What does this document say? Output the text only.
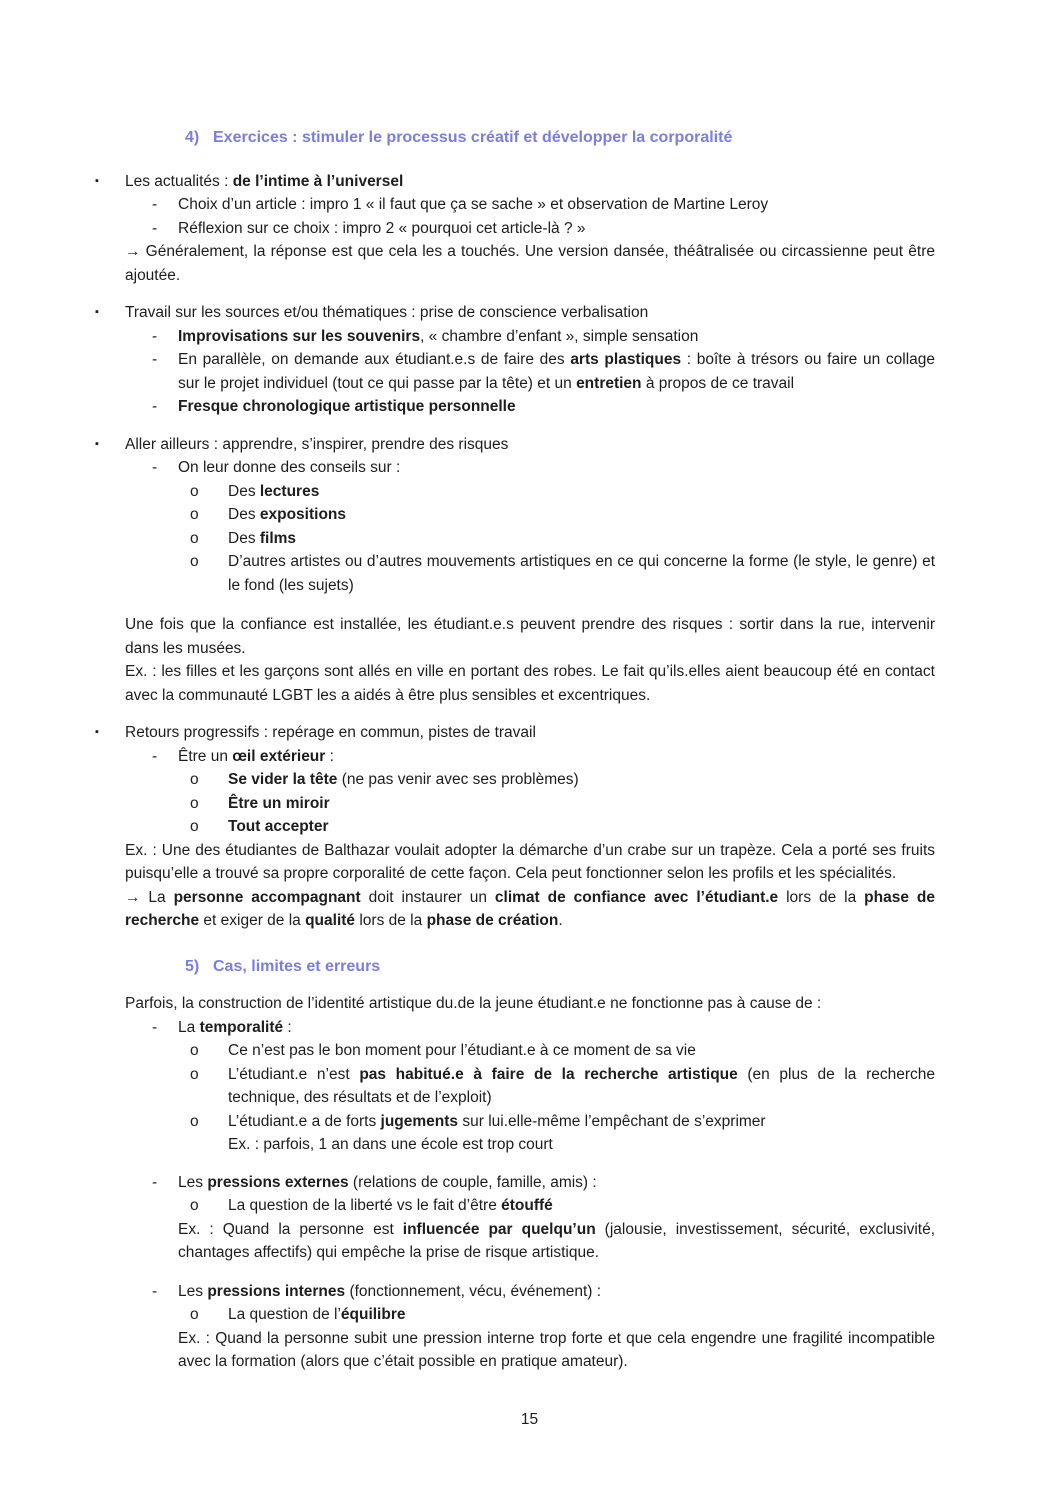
4) Exercices : stimuler le processus créatif et développer la corporalité
▪	Les actualités : de l’intime à l’universel
-	Choix d’un article : impro 1 « il faut que ça se sache » et observation de Martine Leroy
-	Réflexion sur ce choix : impro 2 « pourquoi cet article-là ? »
→ Généralement, la réponse est que cela les a touchés. Une version dansée, théâtralisée ou circassienne peut être ajoutée.
▪	Travail sur les sources et/ou thématiques : prise de conscience verbalisation
-	Improvisations sur les souvenirs, « chambre d’enfant », simple sensation
-	En parallèle, on demande aux étudiant.e.s de faire des arts plastiques : boîte à trésors ou faire un collage sur le projet individuel (tout ce qui passe par la tête) et un entretien à propos de ce travail
-	Fresque chronologique artistique personnelle
▪	Aller ailleurs : apprendre, s’inspirer, prendre des risques
-	On leur donne des conseils sur :
o	Des lectures
o	Des expositions
o	Des films
o	D’autres artistes ou d’autres mouvements artistiques en ce qui concerne la forme (le style, le genre) et le fond (les sujets)
Une fois que la confiance est installée, les étudiant.e.s peuvent prendre des risques : sortir dans la rue, intervenir dans les musées.
Ex. : les filles et les garçons sont allés en ville en portant des robes. Le fait qu’ils.elles aient beaucoup été en contact avec la communauté LGBT les a aidés à être plus sensibles et excentriques.
▪	Retours progressifs : repérage en commun, pistes de travail
-	Être un œil extérieur :
o	Se vider la tête (ne pas venir avec ses problèmes)
o	Être un miroir
o	Tout accepter
Ex. : Une des étudiantes de Balthazar voulait adopter la démarche d’un crabe sur un trapèze. Cela a porté ses fruits puisqu’elle a trouvé sa propre corporalité de cette façon. Cela peut fonctionner selon les profils et les spécialités.
→ La personne accompagnant doit instaurer un climat de confiance avec l’étudiant.e lors de la phase de recherche et exiger de la qualité lors de la phase de création.
5) Cas, limites et erreurs
Parfois, la construction de l’identité artistique du.de la jeune étudiant.e ne fonctionne pas à cause de :
-	La temporalité :
o	Ce n’est pas le bon moment pour l’étudiant.e à ce moment de sa vie
o	L’étudiant.e n’est pas habitué.e à faire de la recherche artistique (en plus de la recherche technique, des résultats et de l’exploit)
o	L’étudiant.e a de forts jugements sur lui.elle-même l’empêchant de s’exprimer
Ex. : parfois, 1 an dans une école est trop court
-	Les pressions externes (relations de couple, famille, amis) :
o	La question de la liberté vs le fait d’être étouffé
Ex. : Quand la personne est influencée par quelqu’un (jalousie, investissement, sécurité, exclusivité, chantages affectifs) qui empêche la prise de risque artistique.
-	Les pressions internes (fonctionnement, vécu, événement) :
o	La question de l’équilibre
Ex. : Quand la personne subit une pression interne trop forte et que cela engendre une fragilité incompatible avec la formation (alors que c’était possible en pratique amateur).
15
